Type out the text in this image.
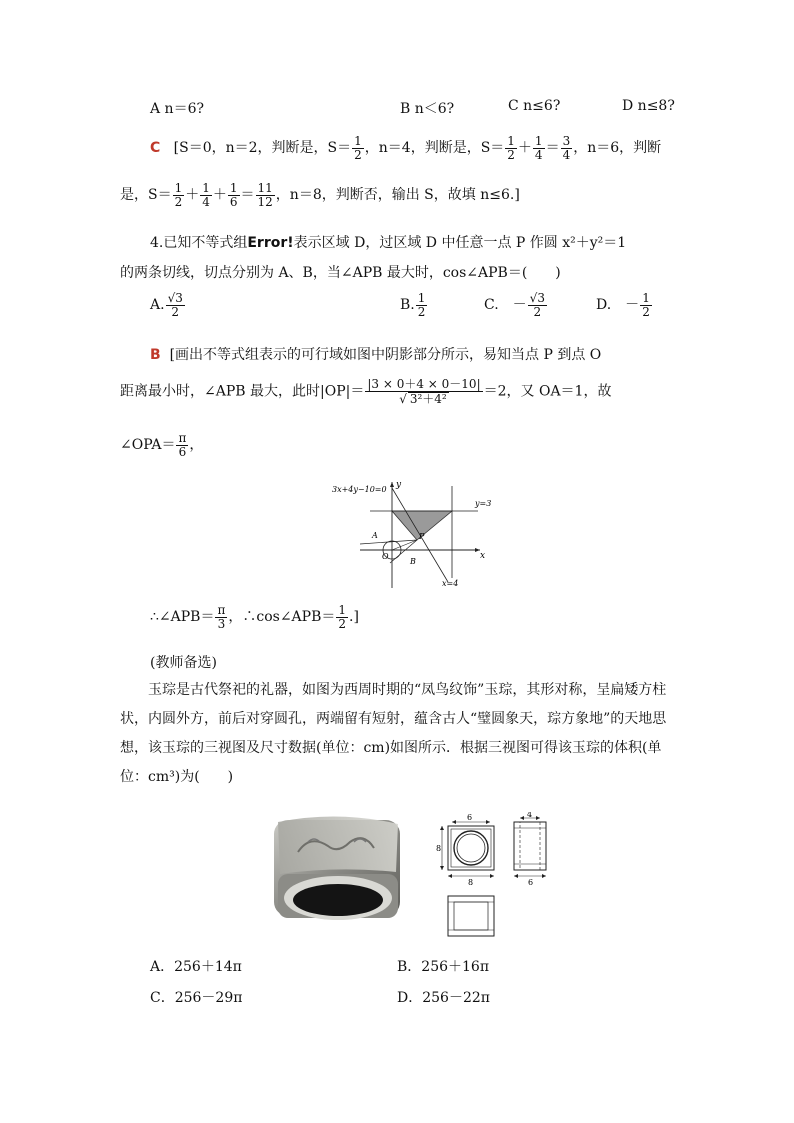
A n＝6?	B n＜6?	C n≤6?	D n≤8?
C [S＝0，n＝2，判断是，$S= \frac{1}{2}$ ，n＝4，判断是，$S= \frac{1}{2} + \frac{1}{4} = \frac{3}{4}$ ，n＝6，判断
是，$S= \frac{1}{2} + \frac{1}{4} + \frac{1}{6} = \frac{11}{12}$ ，n＝8，判断否，输出 S，故填 n≤6.]
4.已知不等式组Error!表示区域 D，过区域 D 中任意一点 P 作圆 x²＋y²＝1
的两条切线，切点分别为 A、B，当∠APB 最大时，cos∠APB＝(　　)
A. $\frac{√3}{2}$	B. $\frac{1}{2}$	C.　－ $\frac{√3}{2}$	D.　－ $\frac{1}{2}$
B [画出不等式组表示的可行域如图中阴影部分所示，易知当点 P 到点 O
距离最小时，∠APB 最大，此时$|OP|= \frac{|3 \times 0+4 \times 0-10|}{\text{√ 3²＋4²}} =2$，又 OA＝1，故
∠OPA＝ $\frac{\pi}{6}$ ，
3x+4y−10=0 y
x
y=3
x=4
A
O
B
P
∴∠APB＝ $\frac{\pi}{3}$ ，∴cos∠APB＝ $\frac{1}{2}$ .]
(教师备选)
玉琮是古代祭祀的礼器，如图为西周时期的“凤鸟纹饰”玉琮，其形对称，呈扁矮方柱状，内圆外方，前后对穿圆孔，两端留有短射，蕴含古人“璧圆象天，琮方象地”的天地思想，该玉琮的三视图及尺寸数据(单位：cm)如图所示．根据三视图可得该玉琮的体积(单位：cm³)为(　　)
6
8
8
4
6
A．256＋14π	B．256＋16π
C．256－29π	D．256－22π
